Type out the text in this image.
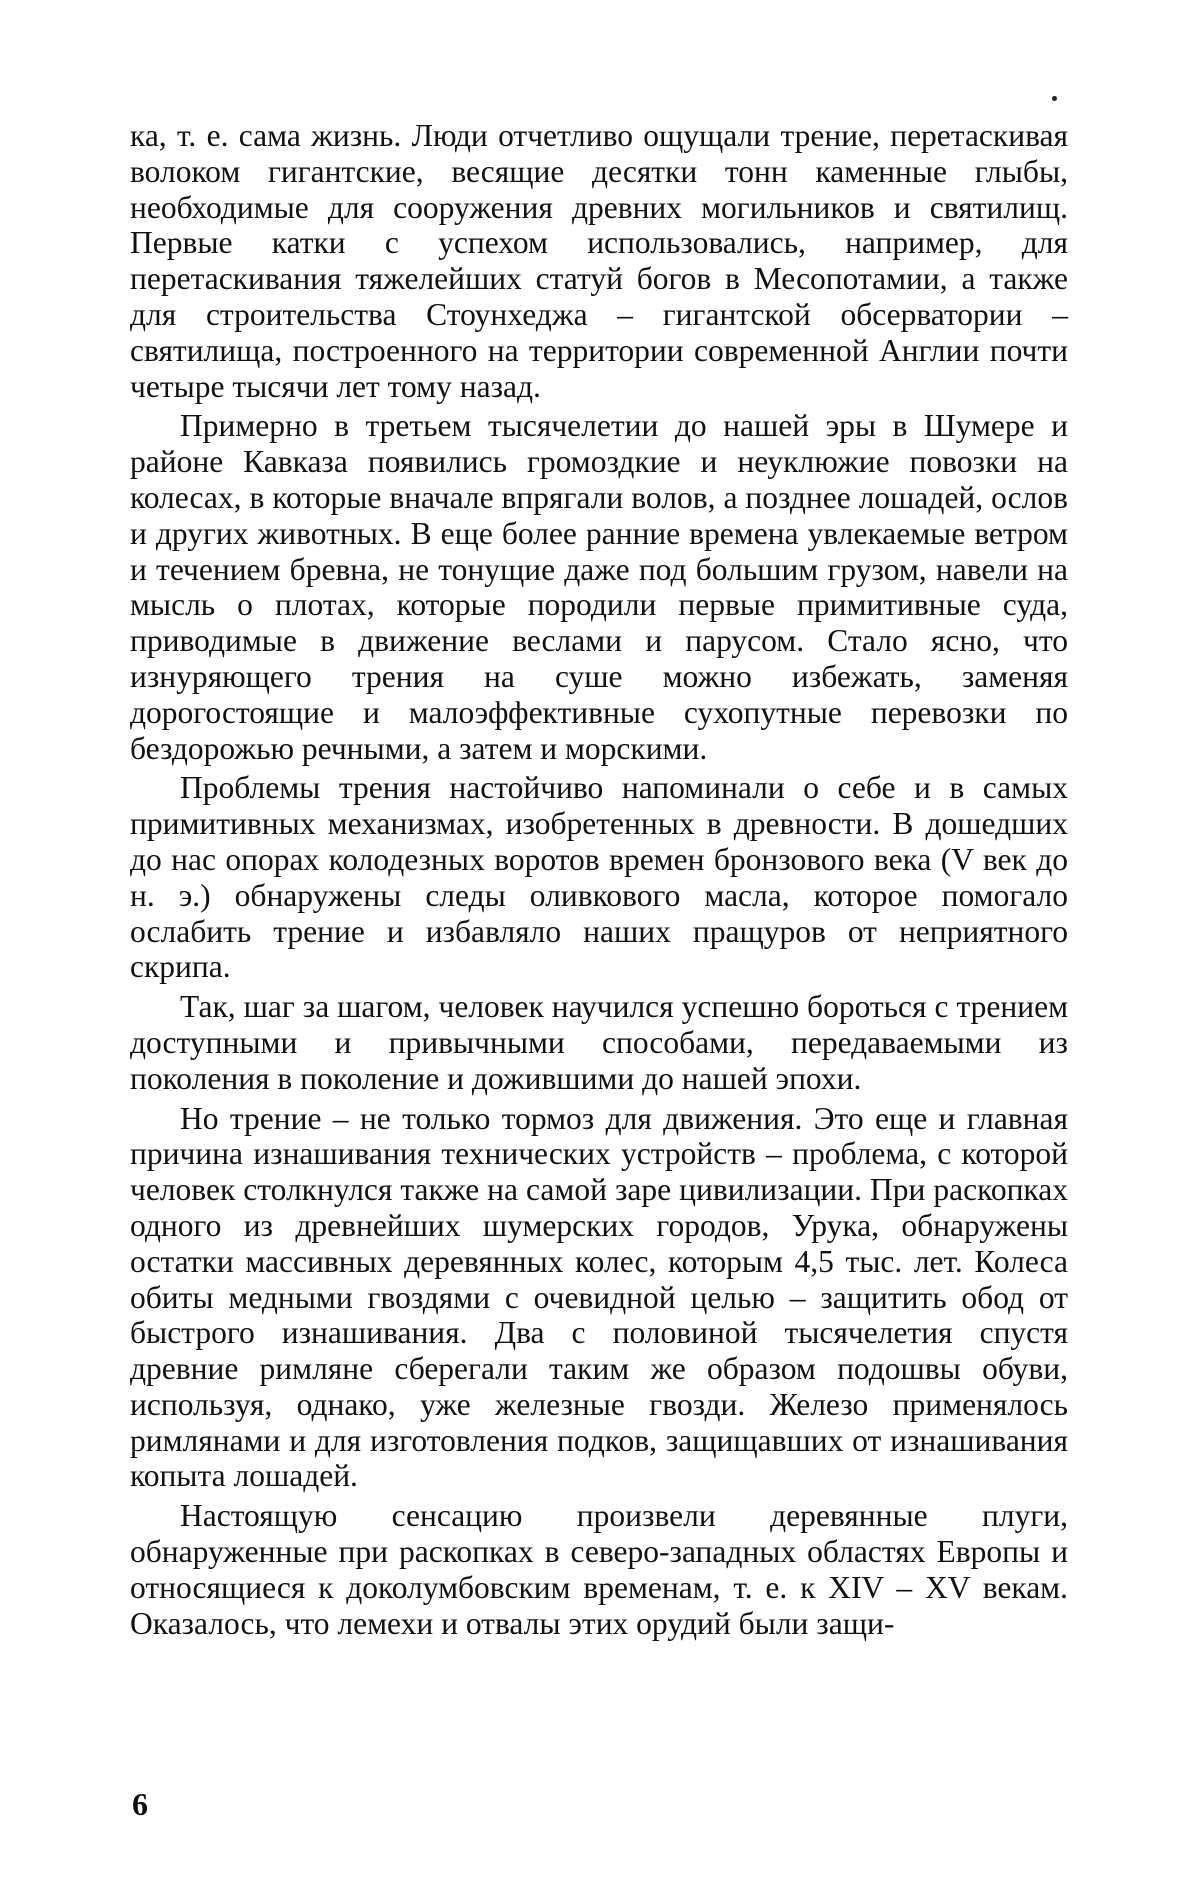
ка, т. е. сама жизнь. Люди отчетливо ощущали трение, перетаскивая волоком гигантские, весящие десятки тонн каменные глыбы, необходимые для сооружения древних могильников и святилищ. Первые катки с успехом использовались, например, для перетаскивания тяжелейших статуй богов в Месопотамии, а также для строительства Стоунхеджа – гигантской обсерватории – святилища, построенного на территории современной Англии почти четыре тысячи лет тому назад.

Примерно в третьем тысячелетии до нашей эры в Шумере и районе Кавказа появились громоздкие и неуклюжие повозки на колесах, в которые вначале впрягали волов, а позднее лошадей, ослов и других животных. В еще более ранние времена увлекаемые ветром и течением бревна, не тонущие даже под большим грузом, навели на мысль о плотах, которые породили первые примитивные суда, приводимые в движение веслами и парусом. Стало ясно, что изнуряющего трения на суше можно избежать, заменяя дорогостоящие и малоэффективные сухопутные перевозки по бездорожью речными, а затем и морскими.

Проблемы трения настойчиво напоминали о себе и в самых примитивных механизмах, изобретенных в древности. В дошедших до нас опорах колодезных воротов времен бронзового века (V век до н. э.) обнаружены следы оливкового масла, которое помогало ослабить трение и избавляло наших пращуров от неприятного скрипа.

Так, шаг за шагом, человек научился успешно бороться с трением доступными и привычными способами, передаваемыми из поколения в поколение и дожившими до нашей эпохи.

Но трение – не только тормоз для движения. Это еще и главная причина изнашивания технических устройств – проблема, с которой человек столкнулся также на самой заре цивилизации. При раскопках одного из древнейших шумерских городов, Урука, обнаружены остатки массивных деревянных колес, которым 4,5 тыс. лет. Колеса обиты медными гвоздями с очевидной целью – защитить обод от быстрого изнашивания. Два с половиной тысячелетия спустя древние римляне сберегали таким же образом подошвы обуви, используя, однако, уже железные гвозди. Железо применялось римлянами и для изготовления подков, защищавших от изнашивания копыта лошадей.

Настоящую сенсацию произвели деревянные плуги, обнаруженные при раскопках в северо-западных областях Европы и относящиеся к доколумбовским временам, т. е. к XIV – XV векам. Оказалось, что лемехи и отвалы этих орудий были защи-

6
